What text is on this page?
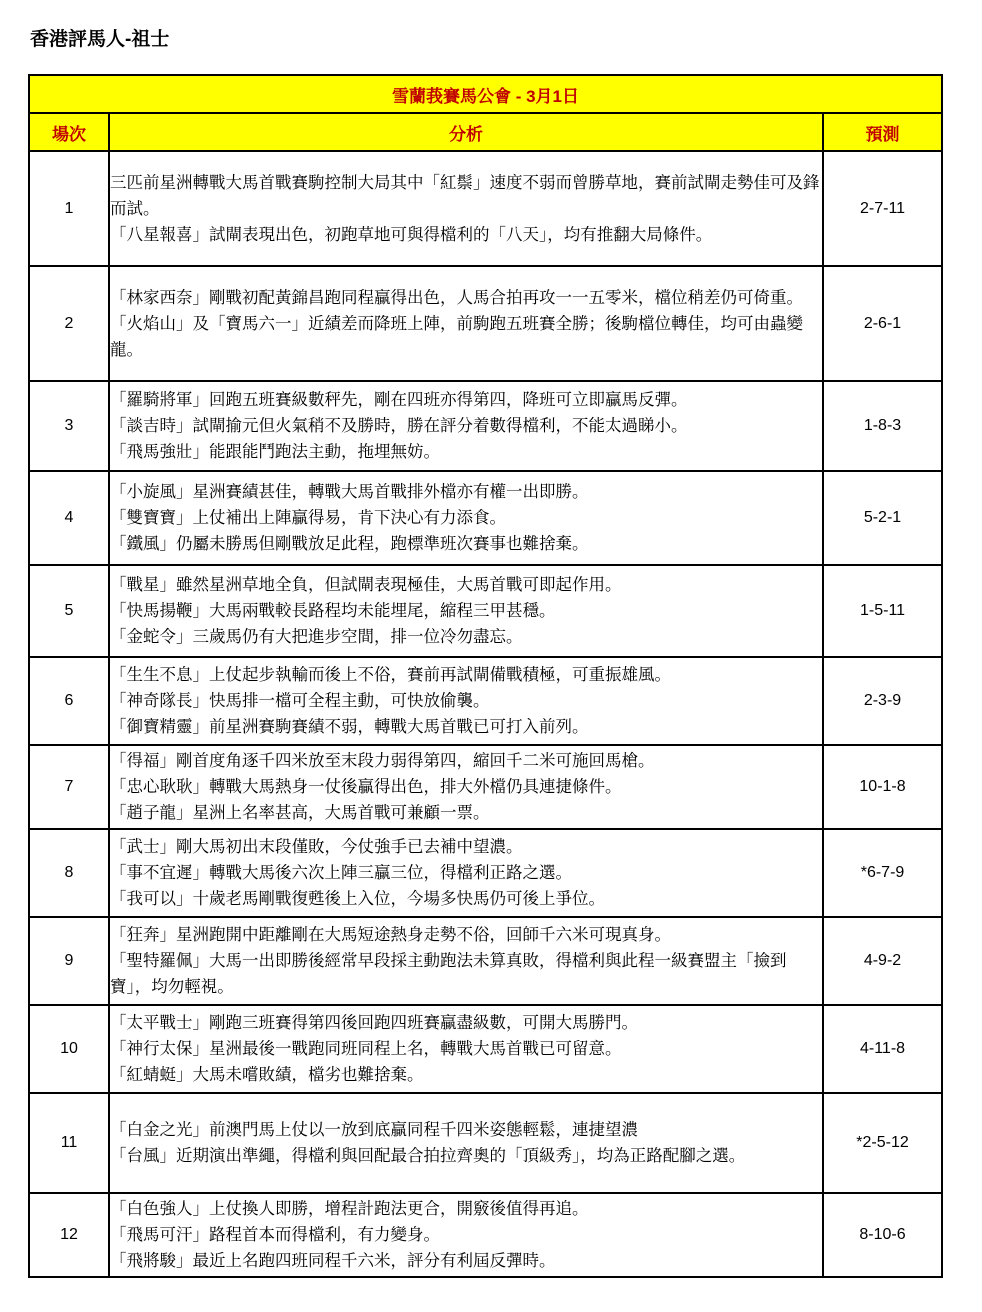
香港評馬人-祖士
雪蘭莪賽馬公會 - 3月1日		
場次	分析	預測
1	三匹前星洲轉戰大馬首戰賽駒控制大局其中「紅鬃」速度不弱而曾勝草地，賽前試閘走勢佳可及鋒而試。
「八星報喜」試閘表現出色，初跑草地可與得檔利的「八天」，均有推翻大局條件。	2-7-11
2	「林家西奈」剛戰初配黃錦昌跑同程贏得出色，人馬合拍再攻一一五零米，檔位稍差仍可倚重。
「火焰山」及「寶馬六一」近績差而降班上陣，前駒跑五班賽全勝；後駒檔位轉佳，均可由蟲變龍。	2-6-1
3	「羅騎將軍」回跑五班賽級數秤先，剛在四班亦得第四，降班可立即贏馬反彈。
「談吉時」試閘揄元但火氣稍不及勝時，勝在評分着數得檔利，不能太過睇小。
「飛馬強壯」能跟能鬥跑法主動，拖埋無妨。	1-8-3
4	「小旋風」星洲賽績甚佳，轉戰大馬首戰排外檔亦有權一出即勝。
「雙寶寶」上仗補出上陣贏得易，肯下決心有力添食。
「鐵風」仍屬未勝馬但剛戰放足此程，跑標準班次賽事也難捨棄。	5-2-1
5	「戰星」雖然星洲草地全負，但試閘表現極佳，大馬首戰可即起作用。
「快馬揚鞭」大馬兩戰較長路程均未能埋尾，縮程三甲甚穩。
「金蛇令」三歲馬仍有大把進步空間，排一位冷勿盡忘。	1-5-11
6	「生生不息」上仗起步執輸而後上不俗，賽前再試閘備戰積極，可重振雄風。
「神奇隊長」快馬排一檔可全程主動，可快放偷襲。
「御寶精靈」前星洲賽駒賽績不弱，轉戰大馬首戰已可打入前列。	2-3-9
7	「得福」剛首度角逐千四米放至末段力弱得第四，縮回千二米可施回馬槍。
「忠心耿耿」轉戰大馬熱身一仗後贏得出色，排大外檔仍具連捷條件。
「趙子龍」星洲上名率甚高，大馬首戰可兼顧一票。	10-1-8
8	「武士」剛大馬初出末段僅敗，今仗強手已去補中望濃。
「事不宜遲」轉戰大馬後六次上陣三贏三位，得檔利正路之選。
「我可以」十歲老馬剛戰復甦後上入位，今場多快馬仍可後上爭位。	*6-7-9
9	「狂奔」星洲跑開中距離剛在大馬短途熱身走勢不俗，回師千六米可現真身。
「聖特羅佩」大馬一出即勝後經常早段採主動跑法未算真敗，得檔利與此程一級賽盟主「撿到寶」，均勿輕視。	4-9-2
10	「太平戰士」剛跑三班賽得第四後回跑四班賽贏盡級數，可開大馬勝門。
「神行太保」星洲最後一戰跑同班同程上名，轉戰大馬首戰已可留意。
「紅蜻蜓」大馬未嚐敗績，檔劣也難捨棄。	4-11-8
11	「白金之光」前澳門馬上仗以一放到底贏同程千四米姿態輕鬆，連捷望濃
「台風」近期演出準繩，得檔利與回配最合拍拉齊奧的「頂級秀」，均為正路配腳之選。	*2-5-12
12	「白色強人」上仗換人即勝，增程計跑法更合，開竅後值得再追。
「飛馬可汗」路程首本而得檔利，有力變身。
「飛將駿」最近上名跑四班同程千六米，評分有利屆反彈時。	8-10-6
